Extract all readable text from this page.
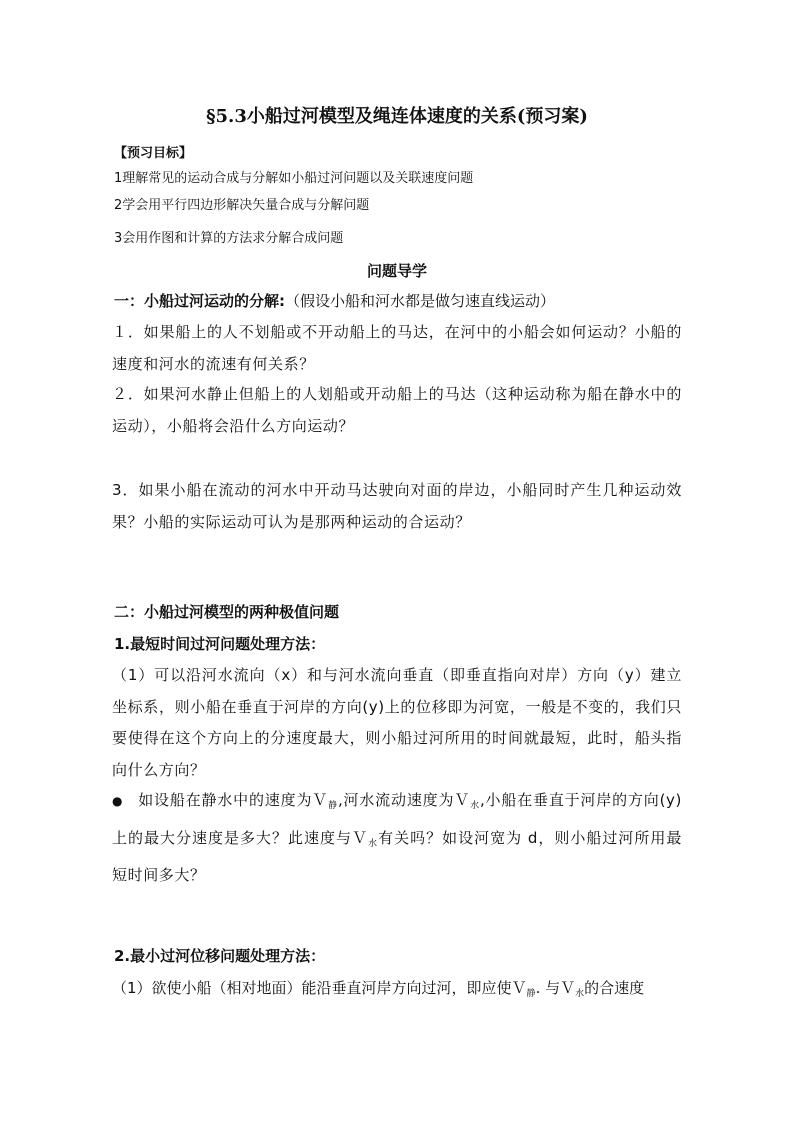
§5.3小船过河模型及绳连体速度的关系(预习案)
【预习目标】
1理解常见的运动合成与分解如小船过河问题以及关联速度问题
2学会用平行四边形解决矢量合成与分解问题
3会用作图和计算的方法求分解合成问题
问题导学
一：小船过河运动的分解:（假设小船和河水都是做匀速直线运动）
１．如果船上的人不划船或不开动船上的马达，在河中的小船会如何运动？小船的速度和河水的流速有何关系？
２．如果河水静止但船上的人划船或开动船上的马达（这种运动称为船在静水中的运动），小船将会沿什么方向运动？
3．如果小船在流动的河水中开动马达驶向对面的岸边，小船同时产生几种运动效果？小船的实际运动可认为是那两种运动的合运动？
二：小船过河模型的两种极值问题
1.最短时间过河问题处理方法：
（1）可以沿河水流向（x）和与河水流向垂直（即垂直指向对岸）方向（y）建立坐标系，则小船在垂直于河岸的方向(y)上的位移即为河宽，一般是不变的，我们只要使得在这个方向上的分速度最大，则小船过河所用的时间就最短，此时，船头指向什么方向？
● 如设船在静水中的速度为Ｖ$_静$,河水流动速度为Ｖ$_水$,小船在垂直于河岸的方向(y)上的最大分速度是多大？此速度与Ｖ$_水$有关吗？如设河宽为 d，则小船过河所用最短时间多大？
2.最小过河位移问题处理方法：
（1）欲使小船（相对地面）能沿垂直河岸方向过河，即应使Ｖ$_静$. 与Ｖ$_水$的合速度
